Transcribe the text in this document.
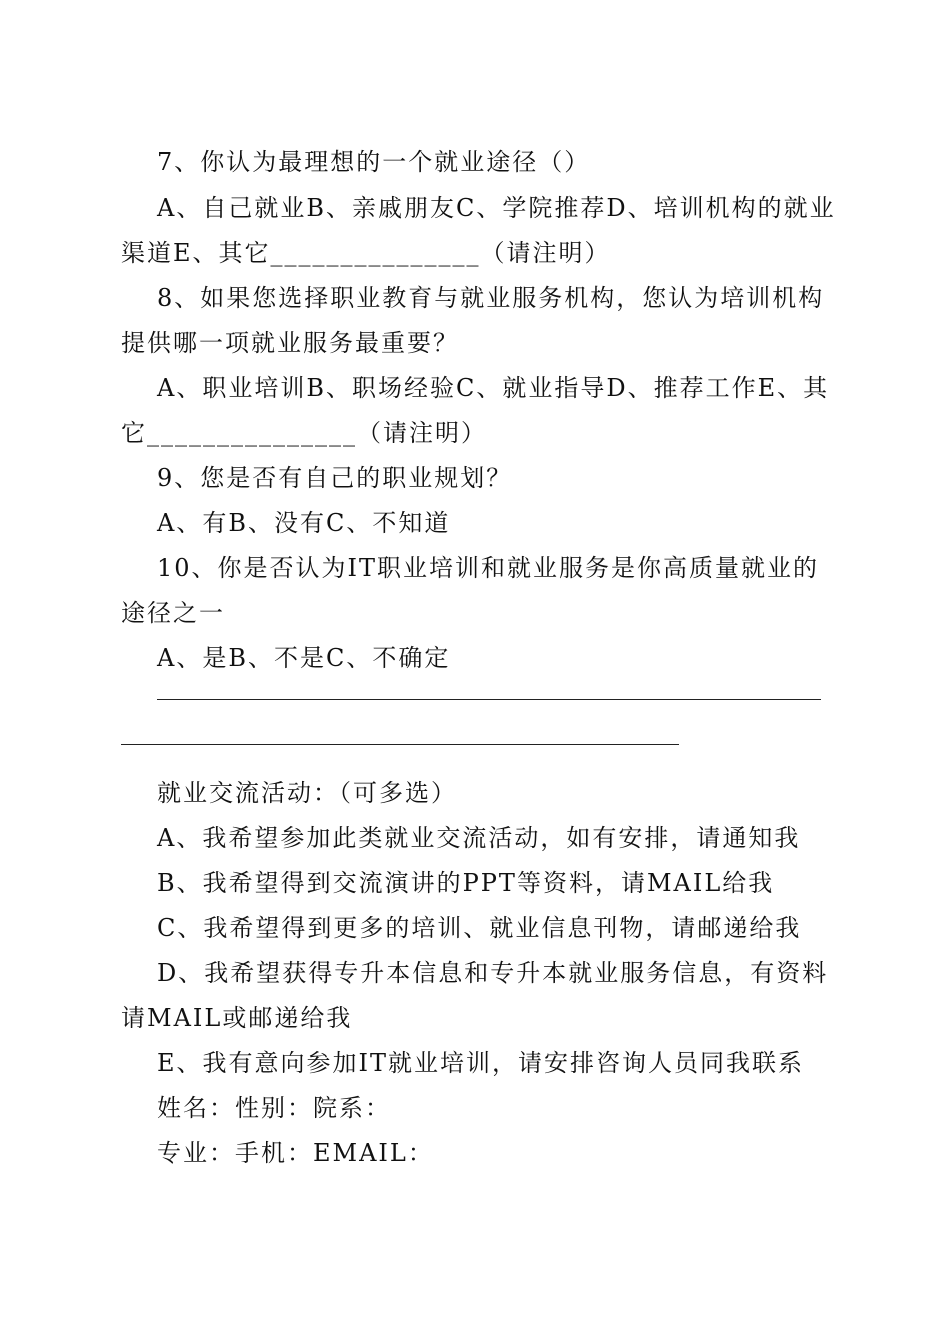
7、你认为最理想的一个就业途径（）
A、自己就业B、亲戚朋友C、学院推荐D、培训机构的就业
渠道E、其它_______________（请注明）
8、如果您选择职业教育与就业服务机构，您认为培训机构
提供哪一项就业服务最重要？
A、职业培训B、职场经验C、就业指导D、推荐工作E、其
它_______________（请注明）
9、您是否有自己的职业规划？
A、有B、没有C、不知道
10、你是否认为IT职业培训和就业服务是你高质量就业的
途径之一
A、是B、不是C、不确定
就业交流活动：（可多选）
A、我希望参加此类就业交流活动，如有安排，请通知我
B、我希望得到交流演讲的PPT等资料，请MAIL给我
C、我希望得到更多的培训、就业信息刊物，请邮递给我
D、我希望获得专升本信息和专升本就业服务信息，有资料
请MAIL或邮递给我
E、我有意向参加IT就业培训，请安排咨询人员同我联系
姓名：性别：院系：
专业：手机：EMAIL：
